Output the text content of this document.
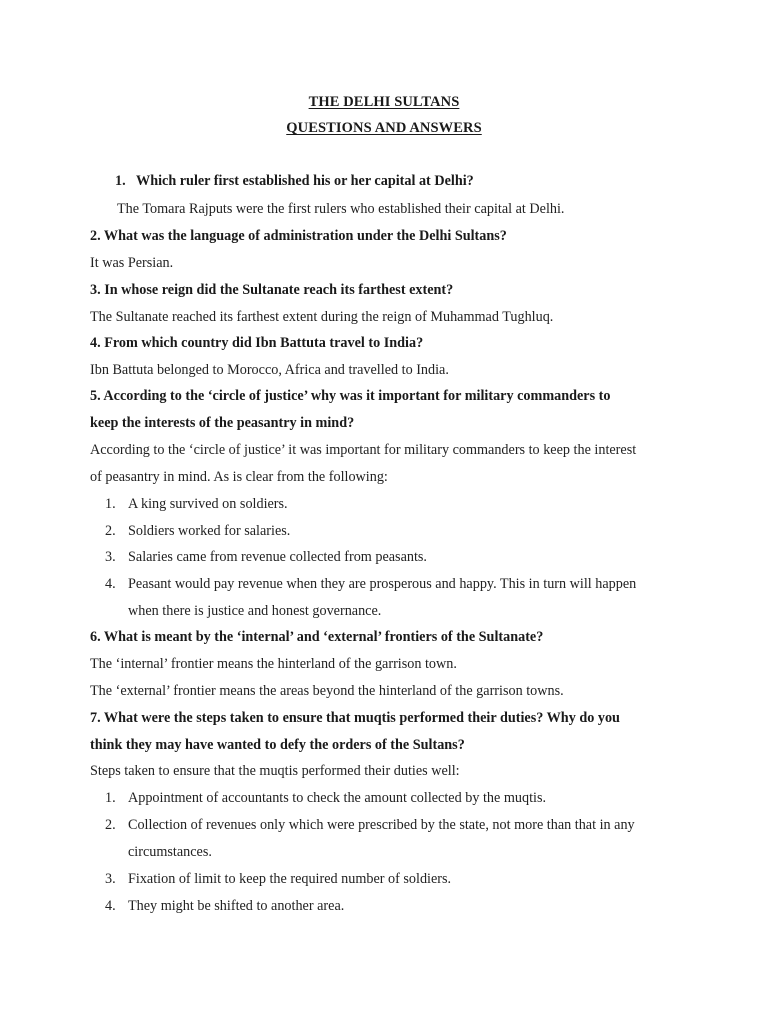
THE DELHI SULTANS
QUESTIONS AND ANSWERS
1. Which ruler first established his or her capital at Delhi?
The Tomara Rajputs were the first rulers who established their capital at Delhi.
2. What was the language of administration under the Delhi Sultans?
It was Persian.
3. In whose reign did the Sultanate reach its farthest extent?
The Sultanate reached its farthest extent during the reign of Muhammad Tughluq.
4. From which country did Ibn Battuta travel to India?
Ibn Battuta belonged to Morocco, Africa and travelled to India.
5. According to the ‘circle of justice’ why was it important for military commanders to
keep the interests of the peasantry in mind?
According to the ‘circle of justice’ it was important for military commanders to keep the interest
of peasantry in mind. As is clear from the following:
1. A king survived on soldiers.
2. Soldiers worked for salaries.
3. Salaries came from revenue collected from peasants.
4. Peasant would pay revenue when they are prosperous and happy. This in turn will happen
when there is justice and honest governance.
6. What is meant by the ‘internal’ and ‘external’ frontiers of the Sultanate?
The ‘internal’ frontier means the hinterland of the garrison town.
The ‘external’ frontier means the areas beyond the hinterland of the garrison towns.
7. What were the steps taken to ensure that muqtis performed their duties? Why do you
think they may have wanted to defy the orders of the Sultans?
Steps taken to ensure that the muqtis performed their duties well:
1. Appointment of accountants to check the amount collected by the muqtis.
2. Collection of revenues only which were prescribed by the state, not more than that in any
circumstances.
3. Fixation of limit to keep the required number of soldiers.
4. They might be shifted to another area.
